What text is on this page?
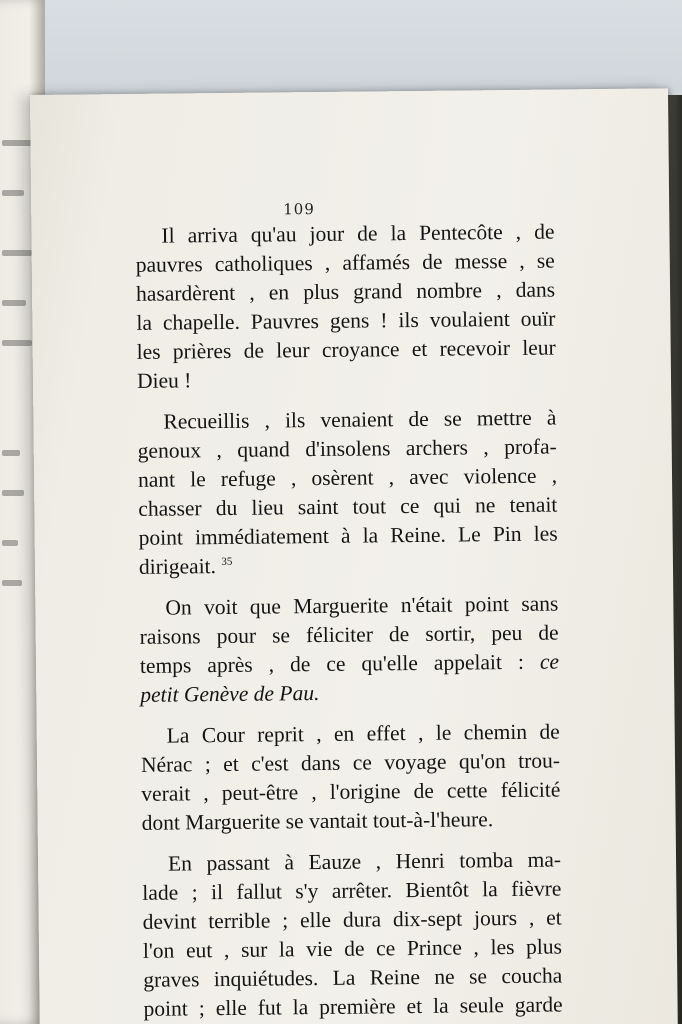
109
Il arriva qu'au jour de la Pentecôte , de
pauvres catholiques , affamés de messe , se
hasardèrent , en plus grand nombre , dans
la chapelle. Pauvres gens ! ils voulaient ouïr
les prières de leur croyance et recevoir leur
Dieu !
Recueillis , ils venaient de se mettre à
genoux , quand d'insolens archers , profa-
nant le refuge , osèrent , avec violence ,
chasser du lieu saint tout ce qui ne tenait
point immédiatement à la Reine. Le Pin les
dirigeait. $^{35}$
On voit que Marguerite n'était point sans
raisons pour se féliciter de sortir, peu de
temps après , de ce qu'elle appelait : ce
petit Genève de Pau.
La Cour reprit , en effet , le chemin de
Nérac ; et c'est dans ce voyage qu'on trou-
verait , peut-être , l'origine de cette félicité
dont Marguerite se vantait tout-à-l'heure.
En passant à Eauze , Henri tomba ma-
lade ; il fallut s'y arrêter. Bientôt la fièvre
devint terrible ; elle dura dix-sept jours , et
l'on eut , sur la vie de ce Prince , les plus
graves inquiétudes. La Reine ne se coucha
point ; elle fut la première et la seule garde
